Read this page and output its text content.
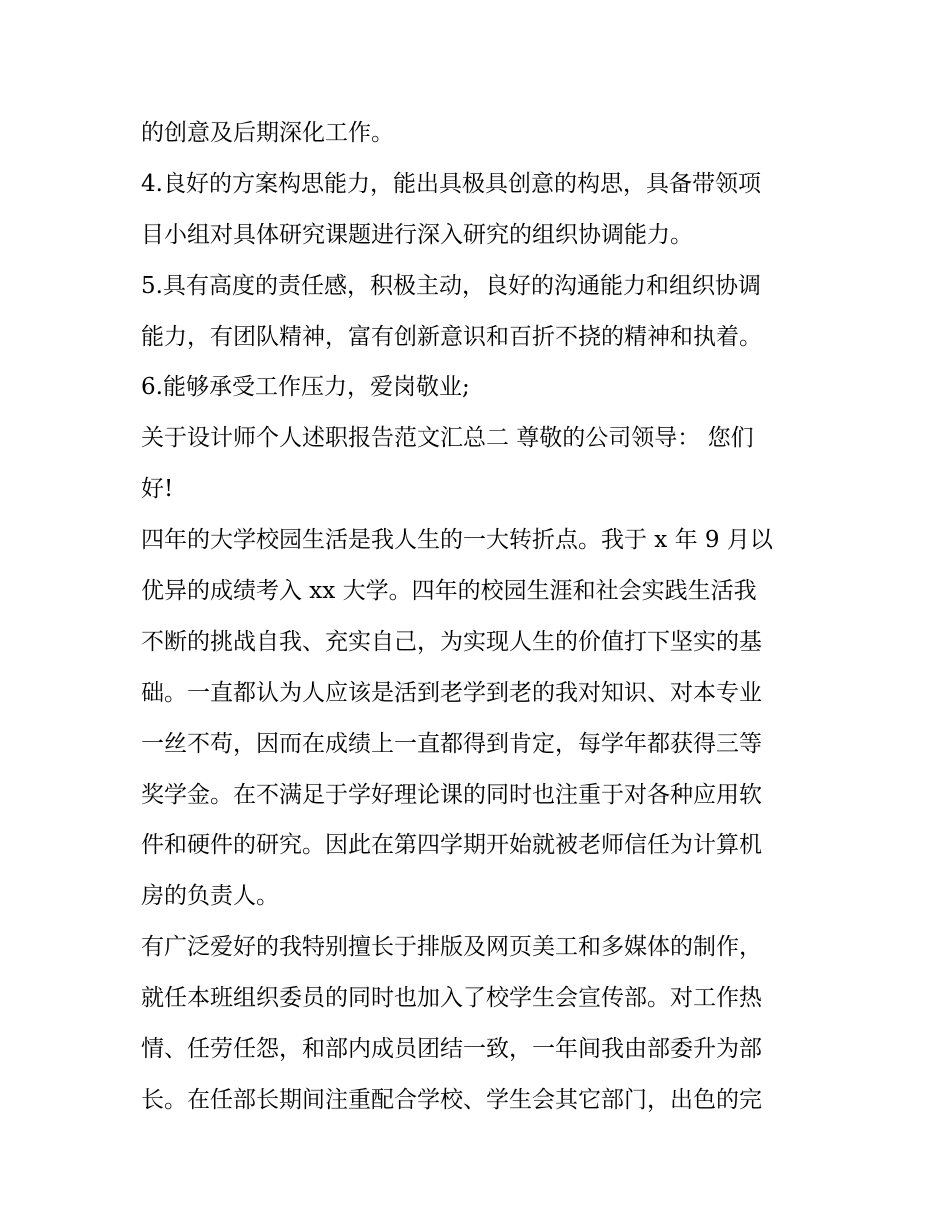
的创意及后期深化工作。
4.良好的方案构思能力，能出具极具创意的构思，具备带领项
目小组对具体研究课题进行深入研究的组织协调能力。
5.具有高度的责任感，积极主动，良好的沟通能力和组织协调
能力，有团队精神，富有创新意识和百折不挠的精神和执着。
6.能够承受工作压力，爱岗敬业;
关于设计师个人述职报告范文汇总二 尊敬的公司领导： 您们
好!
四年的大学校园生活是我人生的一大转折点。我于 x 年 9 月以
优异的成绩考入 xx 大学。四年的校园生涯和社会实践生活我
不断的挑战自我、充实自己，为实现人生的价值打下坚实的基
础。一直都认为人应该是活到老学到老的我对知识、对本专业
一丝不苟，因而在成绩上一直都得到肯定，每学年都获得三等
奖学金。在不满足于学好理论课的同时也注重于对各种应用软
件和硬件的研究。因此在第四学期开始就被老师信任为计算机
房的负责人。
有广泛爱好的我特别擅长于排版及网页美工和多媒体的制作，
就任本班组织委员的同时也加入了校学生会宣传部。对工作热
情、任劳任怨，和部内成员团结一致，一年间我由部委升为部
长。在任部长期间注重配合学校、学生会其它部门，出色的完
